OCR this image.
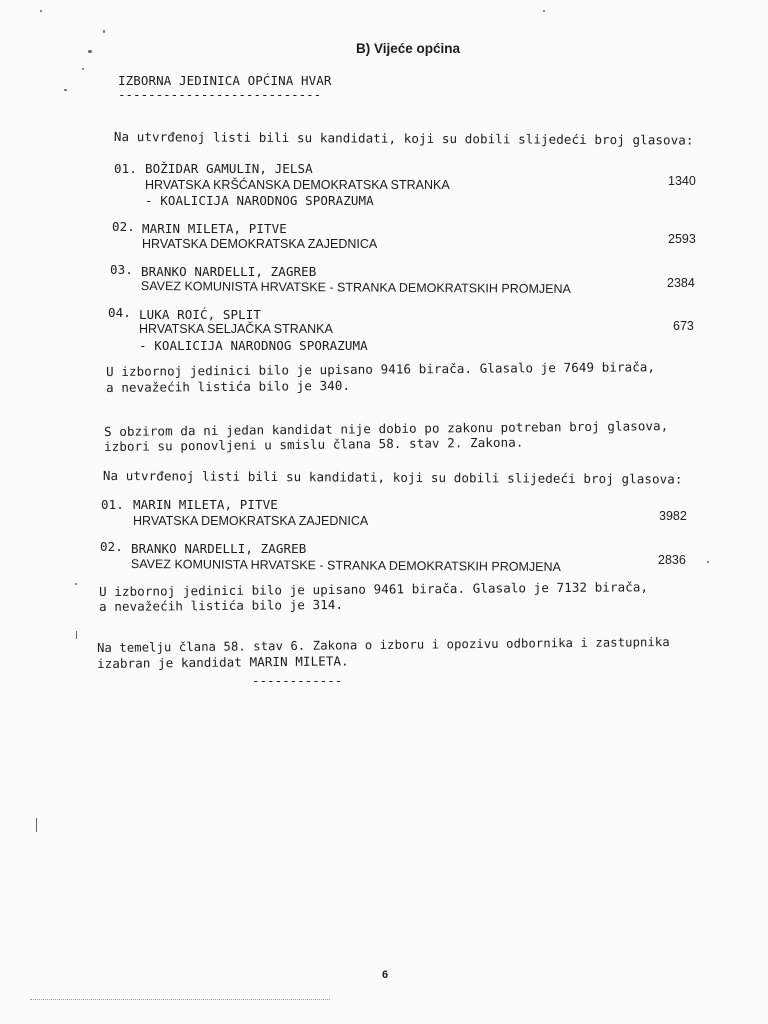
B) Vijeće općina
IZBORNA JEDINICA OPĆINA HVAR
---------------------------
Na utvrđenoj listi bili su kandidati, koji su dobili slijedeći broj glasova:
01. BOŽIDAR GAMULIN, JELSA
HRVATSKA KRŠĆANSKA DEMOKRATSKA STRANKA
- KOALICIJA NARODNOG SPORAZUMA
1340
02. MARIN MILETA, PITVE
HRVATSKA DEMOKRATSKA ZAJEDNICA	2593
03. BRANKO NARDELLI, ZAGREB
SAVEZ KOMUNISTA HRVATSKE - STRANKA DEMOKRATSKIH PROMJENA	2384
04. LUKA ROIĆ, SPLIT
HRVATSKA SELJAČKA STRANKA
- KOALICIJA NARODNOG SPORAZUMA
673
U izbornoj jedinici bilo je upisano 9416 birača. Glasalo je 7649 birača,
a nevažećih listića bilo je 340.
S obzirom da ni jedan kandidat nije dobio po zakonu potreban broj glasova,
izbori su ponovljeni u smislu člana 58. stav 2. Zakona.
Na utvrđenoj listi bili su kandidati, koji su dobili slijedeći broj glasova:
01. MARIN MILETA, PITVE
HRVATSKA DEMOKRATSKA ZAJEDNICA	3982
02. BRANKO NARDELLI, ZAGREB
SAVEZ KOMUNISTA HRVATSKE - STRANKA DEMOKRATSKIH PROMJENA	2836
U izbornoj jedinici bilo je upisano 9461 birača. Glasalo je 7132 birača,
a nevažećih listića bilo je 314.
Na temelju člana 58. stav 6. Zakona o izboru i opozivu odbornika i zastupnika
izabran je kandidat MARIN MILETA.
------------
6
